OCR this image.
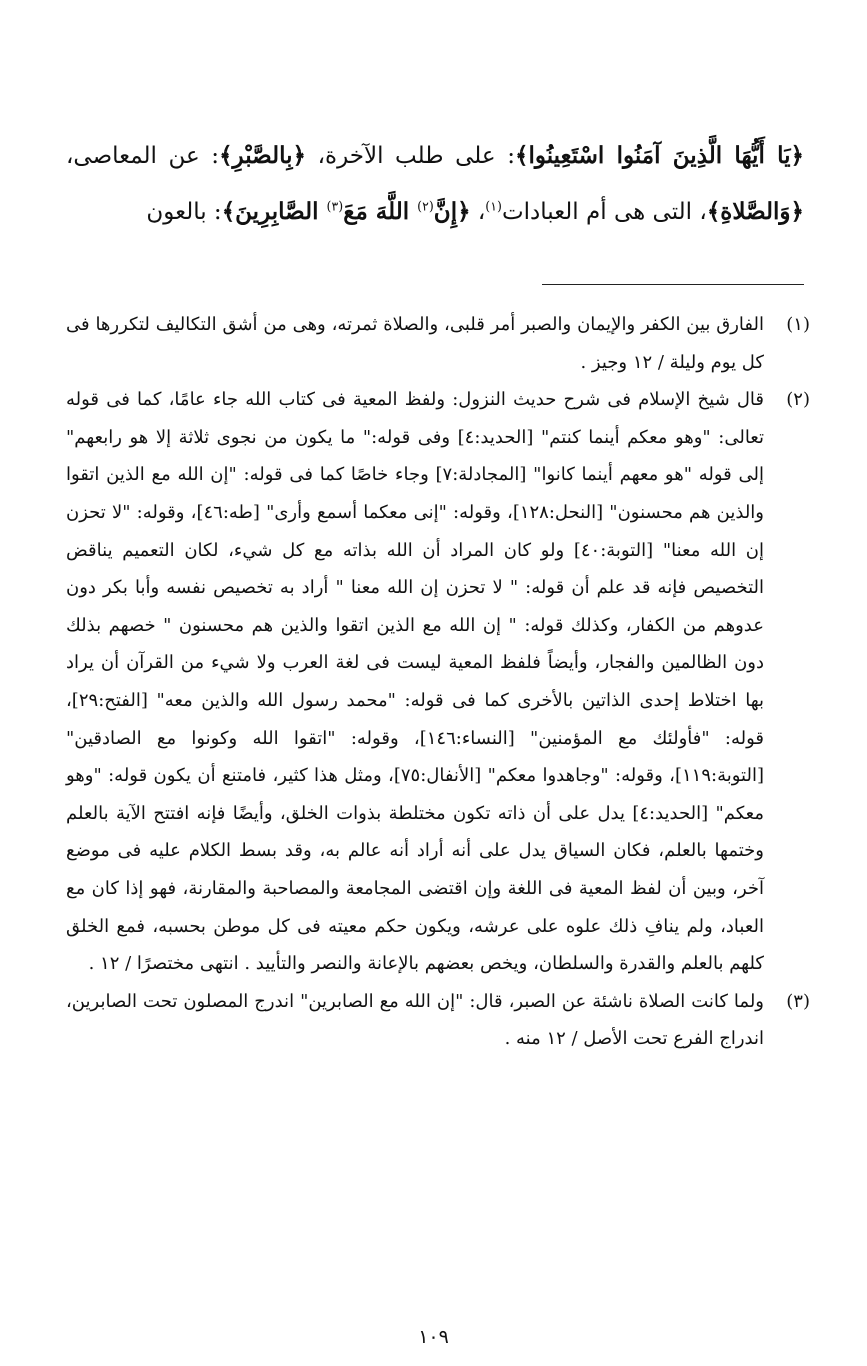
﴿يَا أَيُّهَا الَّذِينَ آمَنُوا اسْتَعِينُوا﴾: على طلب الآخرة، ﴿بِالصَّبْرِ﴾: عن المعاصى، ﴿وَالصَّلاةِ﴾، التى هى أم العبادات$^{(١)}$، ﴿إِنَّ$^{(٢)}$ اللَّهَ مَعَ$^{(٣)}$ الصَّابِرِينَ﴾: بالعون

(١)
الفارق بين الكفر والإيمان والصبر أمر قلبى، والصلاة ثمرته، وهى من أشق التكاليف لتكررها فى كل يوم وليلة / ١٢ وجيز .

(٢)
قال شيخ الإسلام فى شرح حديث النزول: ولفظ المعية فى كتاب الله جاء عامًا، كما فى قوله تعالى: "وهو معكم أينما كنتم" [الحديد:٤] وفى قوله:" ما يكون من نجوى ثلاثة إلا هو رابعهم" إلى قوله "هو معهم أينما كانوا" [المجادلة:٧] وجاء خاصًا كما فى قوله: "إن الله مع الذين اتقوا والذين هم محسنون" [النحل:١٢٨]، وقوله: "إنى معكما أسمع وأرى" [طه:٤٦]، وقوله: "لا تحزن إن الله معنا" [التوبة:٤٠] ولو كان المراد أن الله بذاته مع كل شيء، لكان التعميم يناقض التخصيص فإنه قد علم أن قوله: " لا تحزن إن الله معنا " أراد به تخصيص نفسه وأبا بكر دون عدوهم من الكفار، وكذلك قوله: " إن الله مع الذين اتقوا والذين هم محسنون " خصهم بذلك دون الظالمين والفجار، وأيضاً فلفظ المعية ليست فى لغة العرب ولا شيء من القرآن أن يراد بها اختلاط إحدى الذاتين بالأخرى كما فى قوله: "محمد رسول الله والذين معه" [الفتح:٢٩]، قوله: "فأولئك مع المؤمنين" [النساء:١٤٦]، وقوله: "اتقوا الله وكونوا مع الصادقين" [التوبة:١١٩]، وقوله: "وجاهدوا معكم" [الأنفال:٧٥]، ومثل هذا كثير، فامتنع أن يكون قوله: "وهو معكم" [الحديد:٤] يدل على أن ذاته تكون مختلطة بذوات الخلق، وأيضًا فإنه افتتح الآية بالعلم وختمها بالعلم، فكان السياق يدل على أنه أراد أنه عالم به، وقد بسط الكلام عليه فى موضع آخر، وبين أن لفظ المعية فى اللغة وإن اقتضى المجامعة والمصاحبة والمقارنة، فهو إذا كان مع العباد، ولم ينافِ ذلك علوه على عرشه، ويكون حكم معيته فى كل موطن بحسبه، فمع الخلق كلهم بالعلم والقدرة والسلطان، ويخص بعضهم بالإعانة والنصر والتأييد . انتهى مختصرًا / ١٢ .

(٣)
ولما كانت الصلاة ناشئة عن الصبر، قال: "إن الله مع الصابرين" اندرج المصلون تحت الصابرين، اندراج الفرع تحت الأصل / ١٢ منه .

١٠٩
